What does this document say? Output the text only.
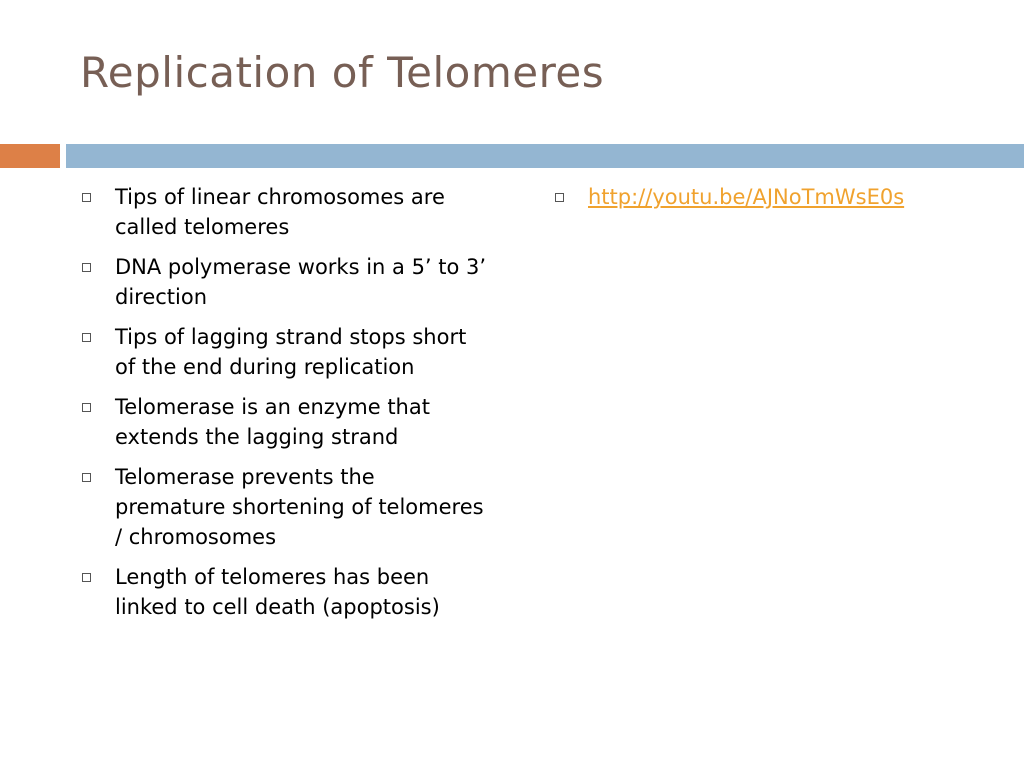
Replication of Telomeres
Tips of linear chromosomes are called telomeres
DNA polymerase works in a 5’ to 3’ direction
Tips of lagging strand stops short of the end during replication
Telomerase is an enzyme that extends the lagging strand
Telomerase prevents the premature shortening of telomeres / chromosomes
Length of telomeres has been linked to cell death (apoptosis)
http://youtu.be/AJNoTmWsE0s
